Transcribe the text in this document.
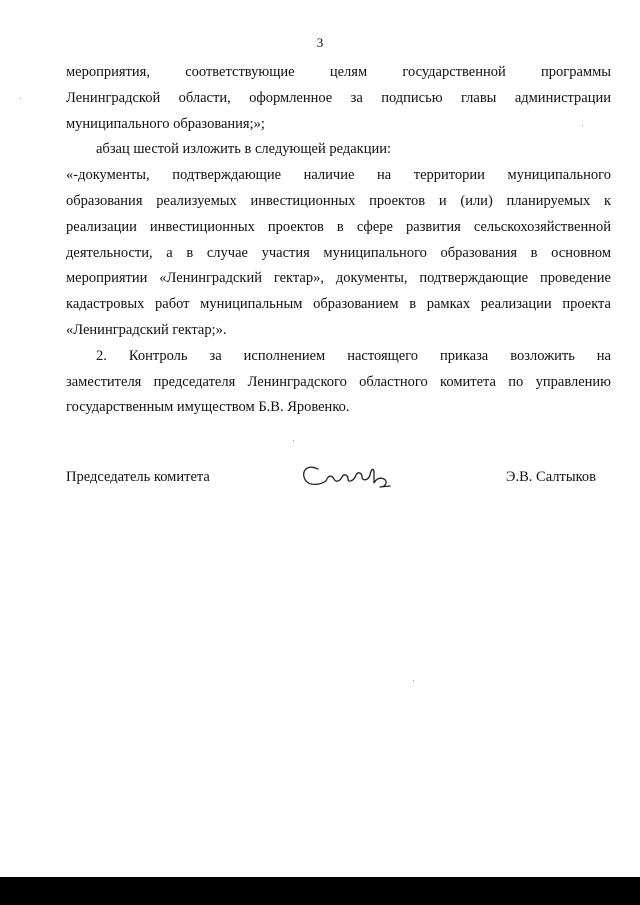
3

мероприятия, соответствующие целям государственной программы

Ленинградской области, оформленное за подписью главы администрации

муниципального образования;»;

абзац шестой изложить в следующей редакции:

«-документы, подтверждающие наличие на территории муниципального

образования реализуемых инвестиционных проектов и (или) планируемых к

реализации инвестиционных проектов в сфере развития сельскохозяйственной

деятельности, а в случае участия муниципального образования в основном

мероприятии «Ленинградский гектар», документы, подтверждающие проведение

кадастровых работ муниципальным образованием в рамках реализации проекта

«Ленинградский гектар;».

2. Контроль за исполнением настоящего приказа возложить на

заместителя председателя Ленинградского областного комитета по управлению

государственным имуществом Б.В. Яровенко.

Председатель комитета	Э.В. Салтыков
